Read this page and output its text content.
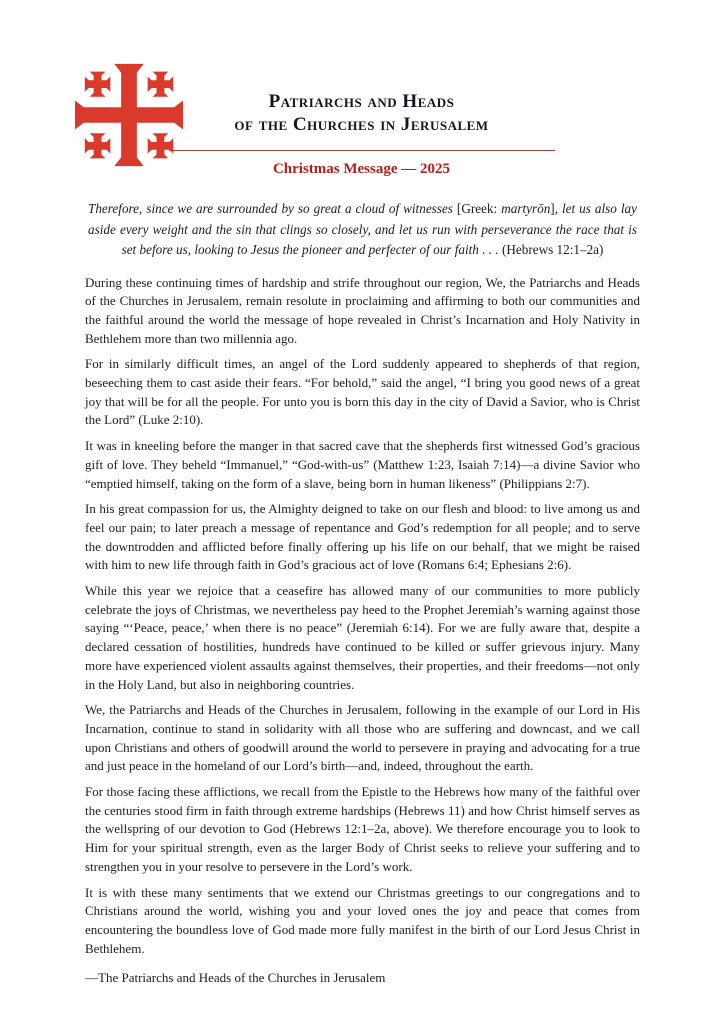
Patriarchs and Heads
of the Churches in Jerusalem
Christmas Message — 2025
Therefore, since we are surrounded by so great a cloud of witnesses [Greek: martyrōn], let us also lay aside every weight and the sin that clings so closely, and let us run with perseverance the race that is set before us, looking to Jesus the pioneer and perfecter of our faith . . . (Hebrews 12:1–2a)

During these continuing times of hardship and strife throughout our region, We, the Patriarchs and Heads of the Churches in Jerusalem, remain resolute in proclaiming and affirming to both our communities and the faithful around the world the message of hope revealed in Christ’s Incarnation and Holy Nativity in Bethlehem more than two millennia ago.

For in similarly difficult times, an angel of the Lord suddenly appeared to shepherds of that region, beseeching them to cast aside their fears. “For behold,” said the angel, “I bring you good news of a great joy that will be for all the people. For unto you is born this day in the city of David a Savior, who is Christ the Lord” (Luke 2:10).

It was in kneeling before the manger in that sacred cave that the shepherds first witnessed God’s gracious gift of love. They beheld “Immanuel,” “God-with-us” (Matthew 1:23, Isaiah 7:14)—a divine Savior who “emptied himself, taking on the form of a slave, being born in human likeness” (Philippians 2:7).

In his great compassion for us, the Almighty deigned to take on our flesh and blood: to live among us and feel our pain; to later preach a message of repentance and God’s redemption for all people; and to serve the downtrodden and afflicted before finally offering up his life on our behalf, that we might be raised with him to new life through faith in God’s gracious act of love (Romans 6:4; Ephesians 2:6).

While this year we rejoice that a ceasefire has allowed many of our communities to more publicly celebrate the joys of Christmas, we nevertheless pay heed to the Prophet Jeremiah’s warning against those saying “‘Peace, peace,’ when there is no peace” (Jeremiah 6:14). For we are fully aware that, despite a declared cessation of hostilities, hundreds have continued to be killed or suffer grievous injury. Many more have experienced violent assaults against themselves, their properties, and their freedoms—not only in the Holy Land, but also in neighboring countries.

We, the Patriarchs and Heads of the Churches in Jerusalem, following in the example of our Lord in His Incarnation, continue to stand in solidarity with all those who are suffering and downcast, and we call upon Christians and others of goodwill around the world to persevere in praying and advocating for a true and just peace in the homeland of our Lord’s birth—and, indeed, throughout the earth.

For those facing these afflictions, we recall from the Epistle to the Hebrews how many of the faithful over the centuries stood firm in faith through extreme hardships (Hebrews 11) and how Christ himself serves as the wellspring of our devotion to God (Hebrews 12:1–2a, above). We therefore encourage you to look to Him for your spiritual strength, even as the larger Body of Christ seeks to relieve your suffering and to strengthen you in your resolve to persevere in the Lord’s work.

It is with these many sentiments that we extend our Christmas greetings to our congregations and to Christians around the world, wishing you and your loved ones the joy and peace that comes from encountering the boundless love of God made more fully manifest in the birth of our Lord Jesus Christ in Bethlehem.

—The Patriarchs and Heads of the Churches in Jerusalem
